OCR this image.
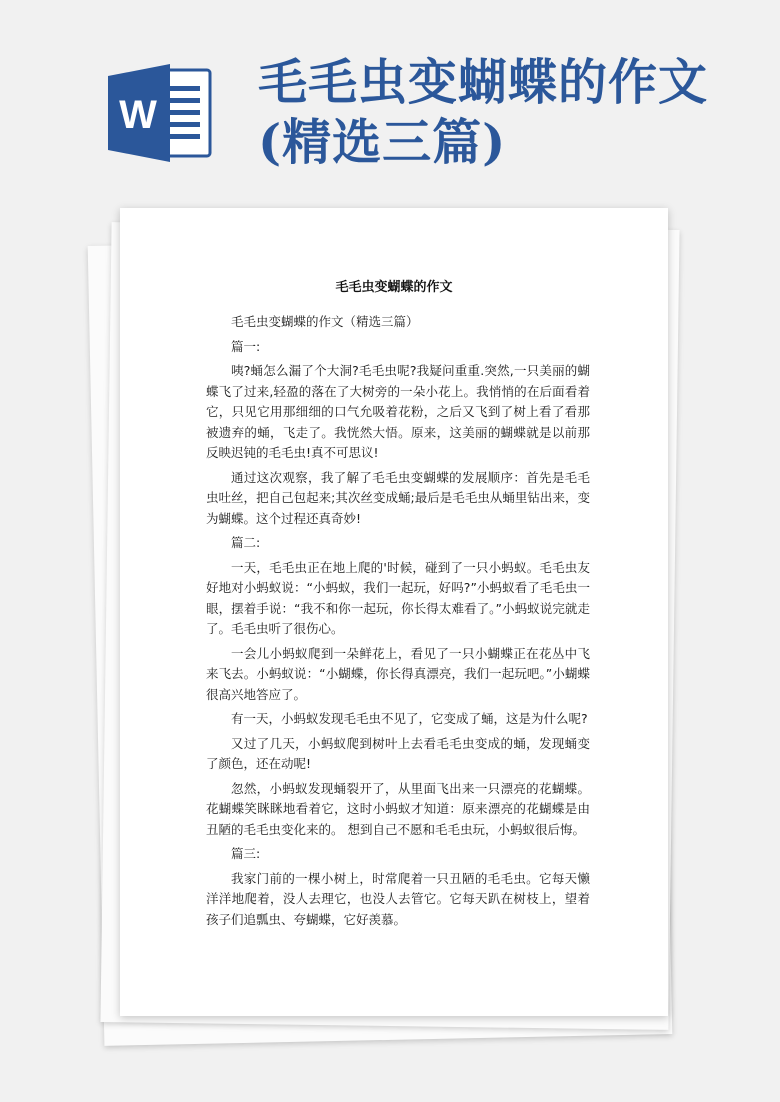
W
毛毛虫变蝴蝶的作文(精选三篇)
毛毛虫变蝴蝶的作文

毛毛虫变蝴蝶的作文（精选三篇）

篇一:

咦?蛹怎么漏了个大洞?毛毛虫呢?我疑问重重.突然,一只美丽的蝴蝶飞了过来,轻盈的落在了大树旁的一朵小花上。我悄悄的在后面看着它，只见它用那细细的口气允吸着花粉，之后又飞到了树上看了看那被遗弃的蛹，飞走了。我恍然大悟。原来，这美丽的蝴蝶就是以前那反映迟钝的毛毛虫!真不可思议!

通过这次观察，我了解了毛毛虫变蝴蝶的发展顺序：首先是毛毛虫吐丝，把自己包起来;其次丝变成蛹;最后是毛毛虫从蛹里钻出来，变为蝴蝶。这个过程还真奇妙!

篇二:

一天，毛毛虫正在地上爬的'时候，碰到了一只小蚂蚁。毛毛虫友好地对小蚂蚁说：“小蚂蚁，我们一起玩，好吗?”小蚂蚁看了毛毛虫一眼，摆着手说：“我不和你一起玩，你长得太难看了。”小蚂蚁说完就走了。毛毛虫听了很伤心。

一会儿小蚂蚁爬到一朵鲜花上，看见了一只小蝴蝶正在花丛中飞来飞去。小蚂蚁说：“小蝴蝶，你长得真漂亮，我们一起玩吧。”小蝴蝶很高兴地答应了。

有一天，小蚂蚁发现毛毛虫不见了，它变成了蛹，这是为什么呢?

又过了几天，小蚂蚁爬到树叶上去看毛毛虫变成的蛹，发现蛹变了颜色，还在动呢!

忽然，小蚂蚁发现蛹裂开了，从里面飞出来一只漂亮的花蝴蝶。花蝴蝶笑眯眯地看着它，这时小蚂蚁才知道：原来漂亮的花蝴蝶是由丑陋的毛毛虫变化来的。 想到自己不愿和毛毛虫玩，小蚂蚁很后悔。

篇三:

我家门前的一棵小树上，时常爬着一只丑陋的毛毛虫。它每天懒洋洋地爬着，没人去理它，也没人去管它。它每天趴在树枝上，望着孩子们追瓢虫、夸蝴蝶，它好羡慕。
